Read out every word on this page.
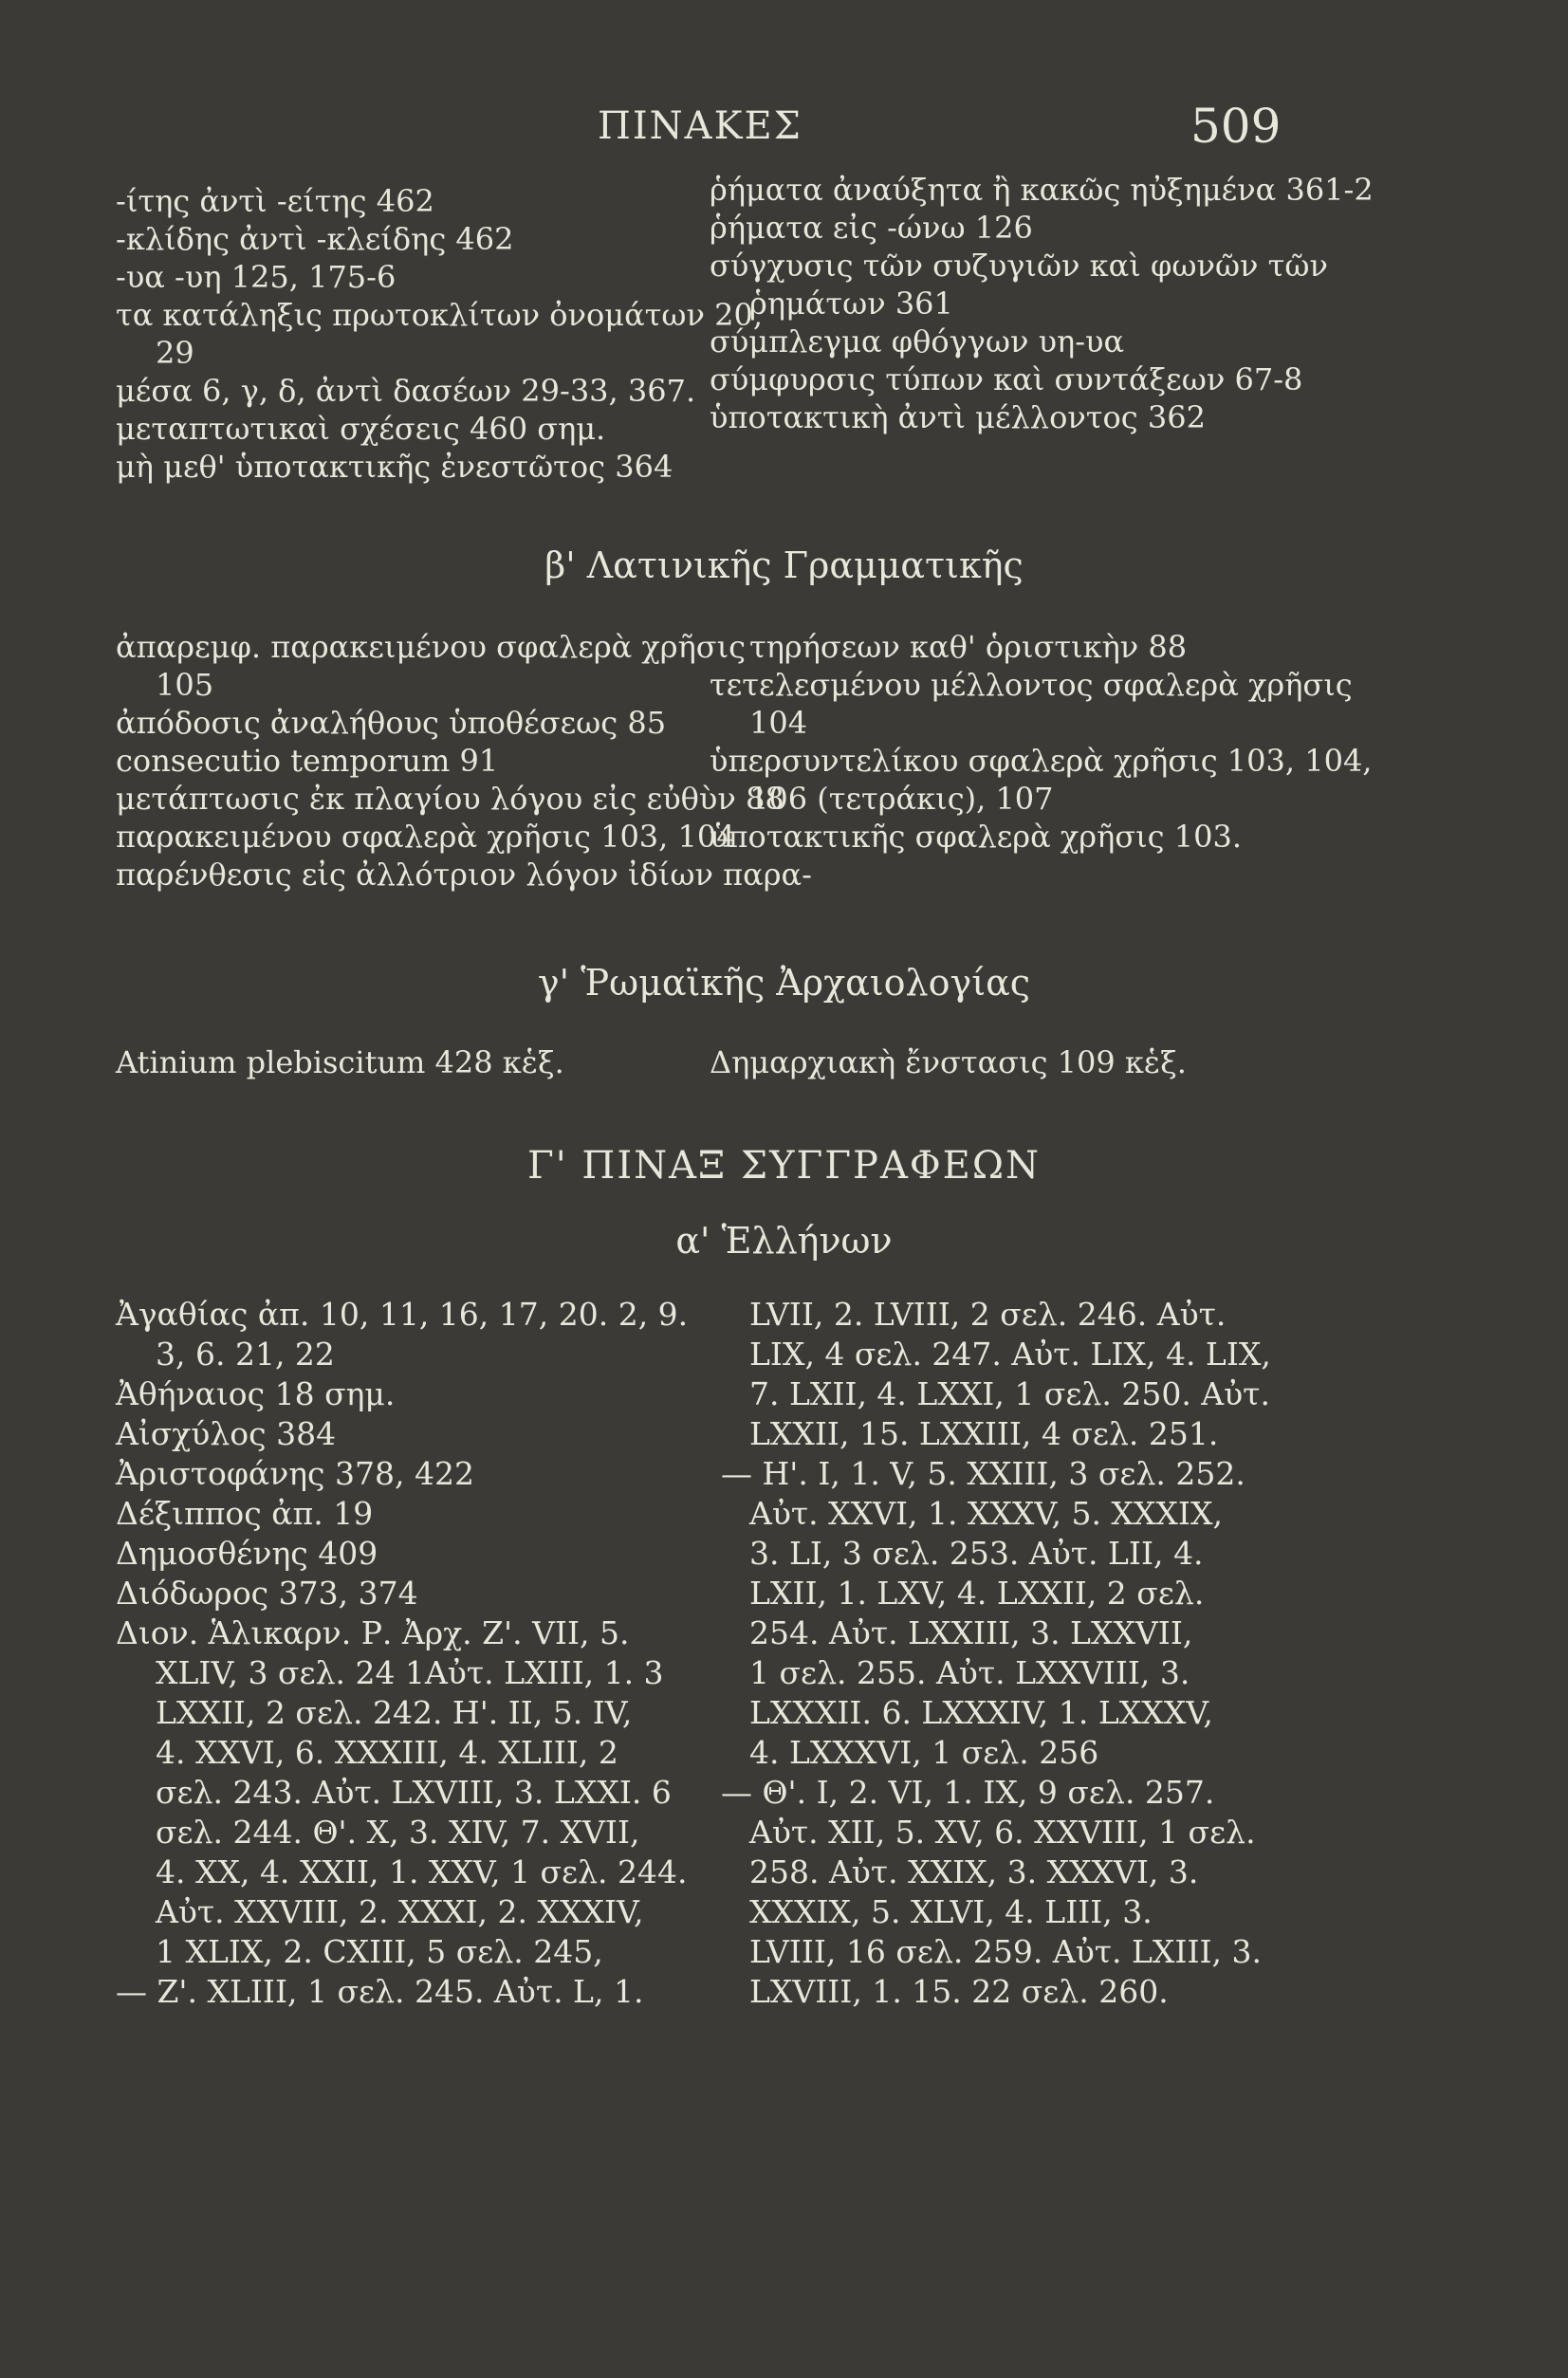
ΠΙΝΑΚΕΣ	509
-ίτης ἀντὶ -είτης 462
-κλίδης ἀντὶ -κλείδης 462
-υα -υη 125, 175-6
τα κατάληξις πρωτοκλίτων ὀνομάτων 20,
29
μέσα 6, γ, δ, ἀντὶ δασέων 29-33, 367.
μεταπτωτικαὶ σχέσεις 460 σημ.
μὴ μεθ' ὑποτακτικῆς ἐνεστῶτος 364
ῥήματα ἀναύξητα ἢ κακῶς ηὐξημένα 361-2
ῥήματα εἰς -ώνω 126
σύγχυσις τῶν συζυγιῶν καὶ φωνῶν τῶν
ῥημάτων 361
σύμπλεγμα φθόγγων υη-υα
σύμφυρσις τύπων καὶ συντάξεων 67-8
ὑποτακτικὴ ἀντὶ μέλλοντος 362
β' Λατινικῆς Γραμματικῆς
ἀπαρεμφ. παρακειμένου σφαλερὰ χρῆσις
105
ἀπόδοσις ἀναλήθους ὑποθέσεως 85
consecutio temporum 91
μετάπτωσις ἐκ πλαγίου λόγου εἰς εὐθὺν 88
παρακειμένου σφαλερὰ χρῆσις 103, 104
παρένθεσις εἰς ἀλλότριον λόγον ἰδίων παρα-
τηρήσεων καθ' ὁριστικὴν 88
τετελεσμένου μέλλοντος σφαλερὰ χρῆσις
104
ὑπερσυντελίκου σφαλερὰ χρῆσις 103, 104,
106 (τετράκις), 107
ὑποτακτικῆς σφαλερὰ χρῆσις 103.
γ' Ῥωμαϊκῆς Ἀρχαιολογίας
Atinium plebiscitum 428 κἑξ.	Δημαρχιακὴ ἔνστασις 109 κἑξ.
Γ' ΠΙΝΑΞ ΣΥΓΓΡΑΦΕΩΝ
α' Ἑλλήνων
Ἀγαθίας ἀπ. 10, 11, 16, 17, 20. 2, 9.
3, 6. 21, 22
Ἀθήναιος 18 σημ.
Αἰσχύλος 384
Ἀριστοφάνης 378, 422
Δέξιππος ἀπ. 19
Δημοσθένης 409
Διόδωρος 373, 374
Διον. Ἁλικαρν. Ρ. Ἀρχ. Ζ'. VII, 5.
XLIV, 3 σελ. 24 1Αὐτ. LXIII, 1. 3
LXXII, 2 σελ. 242. Η'. II, 5. IV,
4. XXVI, 6. XXXIII, 4. XLIII, 2
σελ. 243. Αὐτ. LXVIII, 3. LXXI. 6
σελ. 244. Θ'. X, 3. XIV, 7. XVII,
4. XX, 4. XXII, 1. XXV, 1 σελ. 244.
Αὐτ. XXVIII, 2. XXXI, 2. XXXIV,
1 XLIX, 2. CXIII, 5 σελ. 245,
— Ζ'. XLIII, 1 σελ. 245. Αὐτ. L, 1.
LVII, 2. LVIII, 2 σελ. 246. Αὐτ.
LIX, 4 σελ. 247. Αὐτ. LIX, 4. LIX,
7. LXII, 4. LXXI, 1 σελ. 250. Αὐτ.
LXXII, 15. LXXIII, 4 σελ. 251.
— Η'. I, 1. V, 5. XXIII, 3 σελ. 252.
Αὐτ. XXVI, 1. XXXV, 5. XXXIX,
3. LI, 3 σελ. 253. Αὐτ. LII, 4.
LXII, 1. LXV, 4. LXXII, 2 σελ.
254. Αὐτ. LXXIII, 3. LXXVII,
1 σελ. 255. Αὐτ. LXXVIII, 3.
LXXXII. 6. LXXXIV, 1. LXXXV,
4. LXXXVI, 1 σελ. 256
— Θ'. I, 2. VI, 1. IX, 9 σελ. 257.
Αὐτ. XII, 5. XV, 6. XXVIII, 1 σελ.
258. Αὐτ. XXIX, 3. XXXVI, 3.
XXXIX, 5. XLVI, 4. LIII, 3.
LVIII, 16 σελ. 259. Αὐτ. LXIII, 3.
LXVIII, 1. 15. 22 σελ. 260.
